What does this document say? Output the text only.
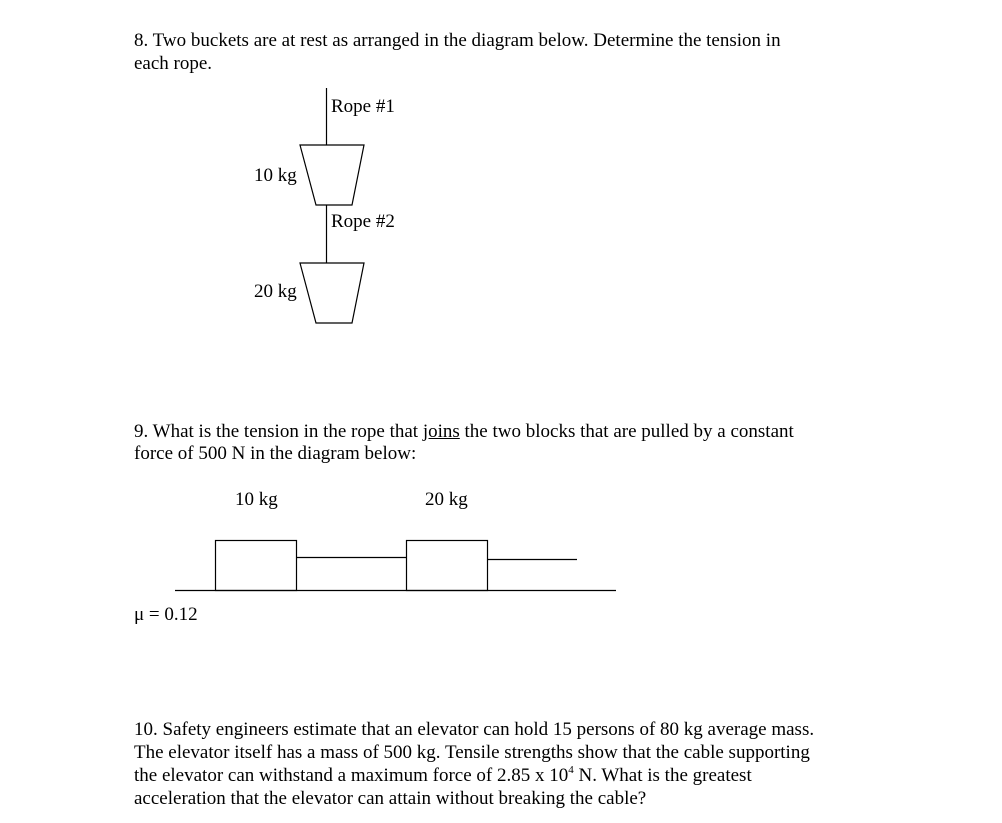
8. Two buckets are at rest as arranged in the diagram below. Determine the tension in
each rope.
Rope #1
10 kg
Rope #2
20 kg
9. What is the tension in the rope that joins the two blocks that are pulled by a constant
force of 500 N in the diagram below:
10 kg	20 kg
μ = 0.12
10. Safety engineers estimate that an elevator can hold 15 persons of 80 kg average mass.
The elevator itself has a mass of 500 kg. Tensile strengths show that the cable supporting
the elevator can withstand a maximum force of 2.85 x $10^4$ N. What is the greatest
acceleration that the elevator can attain without breaking the cable?
